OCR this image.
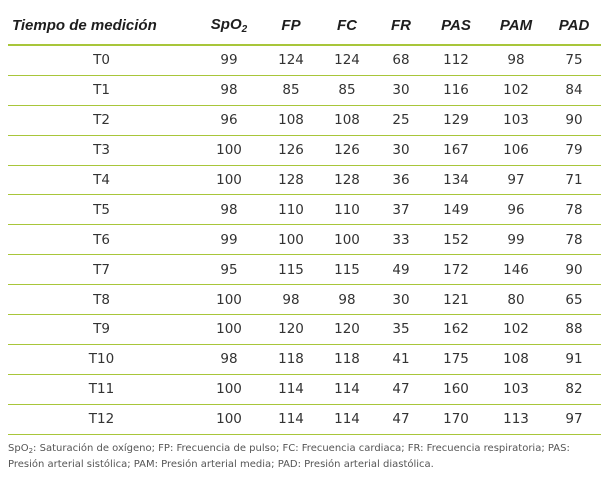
Tiempo de medición	SpO$_2$	FP	FC	FR	PAS	PAM	PAD
T0	99	124	124	68	112	98	75
T1	98	85	85	30	116	102	84
T2	96	108	108	25	129	103	90
T3	100	126	126	30	167	106	79
T4	100	128	128	36	134	97	71
T5	98	110	110	37	149	96	78
T6	99	100	100	33	152	99	78
T7	95	115	115	49	172	146	90
T8	100	98	98	30	121	80	65
T9	100	120	120	35	162	102	88
T10	98	118	118	41	175	108	91
T11	100	114	114	47	160	103	82
T12	100	114	114	47	170	113	97

SpO$_2$: Saturación de oxígeno; FP: Frecuencia de pulso; FC: Frecuencia cardiaca; FR: Frecuencia respiratoria; PAS: Presión arterial sistólica; PAM: Presión arterial media; PAD: Presión arterial diastólica.
